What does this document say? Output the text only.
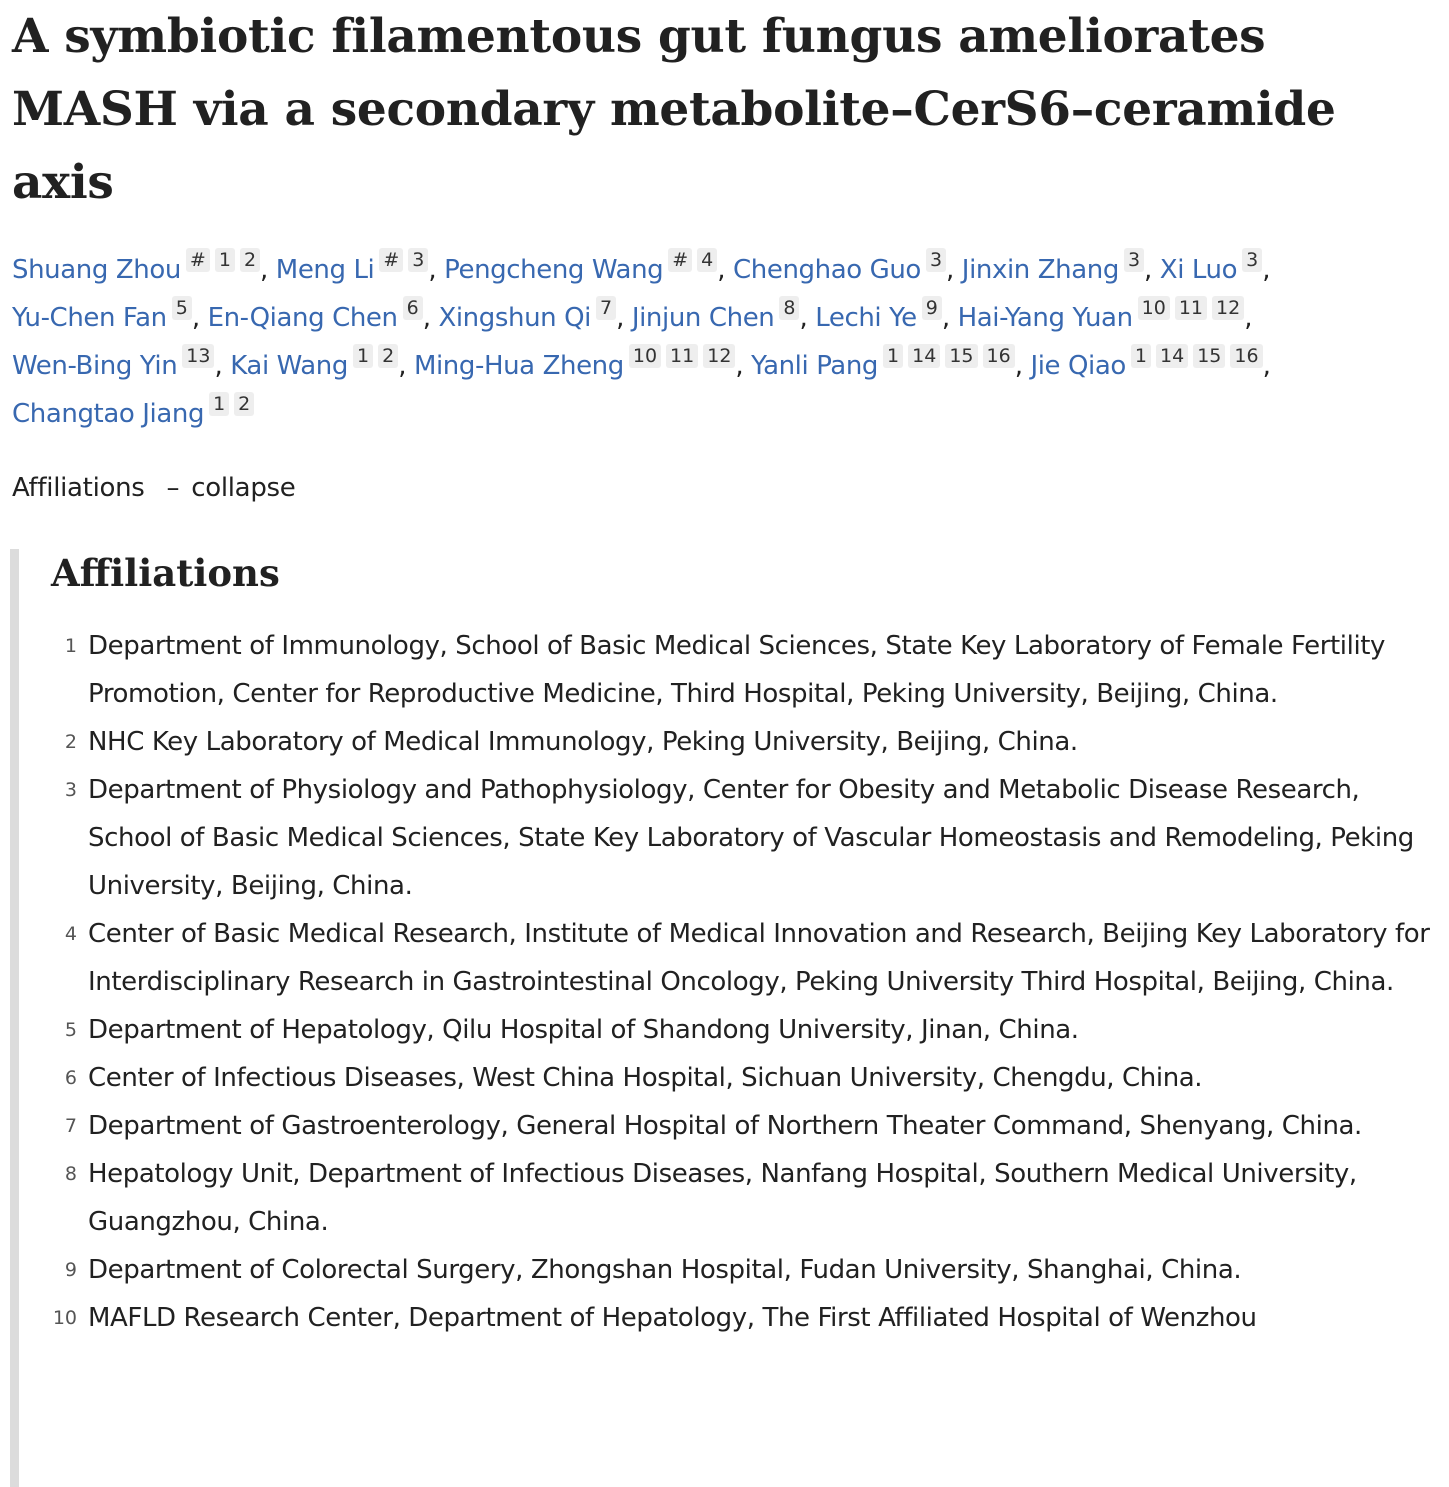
A symbiotic filamentous gut fungus ameliorates MASH via a secondary metabolite–CerS6–ceramide axis
Shuang Zhou # 1 2 , Meng Li # 3 , Pengcheng Wang # 4 , Chenghao Guo 3 , Jinxin Zhang 3 , Xi Luo 3 , Yu-Chen Fan 5 , En-Qiang Chen 6 , Xingshun Qi 7 , Jinjun Chen 8 , Lechi Ye 9 , Hai-Yang Yuan 10 11 12 , Wen-Bing Yin 13 , Kai Wang 1 2 , Ming-Hua Zheng 10 11 12 , Yanli Pang 1 14 15 16 , Jie Qiao 1 14 15 16 , Changtao Jiang 1 2
Affiliations – collapse
Affiliations
1 Department of Immunology, School of Basic Medical Sciences, State Key Laboratory of Female Fertility Promotion, Center for Reproductive Medicine, Third Hospital, Peking University, Beijing, China.
2 NHC Key Laboratory of Medical Immunology, Peking University, Beijing, China.
3 Department of Physiology and Pathophysiology, Center for Obesity and Metabolic Disease Research, School of Basic Medical Sciences, State Key Laboratory of Vascular Homeostasis and Remodeling, Peking University, Beijing, China.
4 Center of Basic Medical Research, Institute of Medical Innovation and Research, Beijing Key Laboratory for Interdisciplinary Research in Gastrointestinal Oncology, Peking University Third Hospital, Beijing, China.
5 Department of Hepatology, Qilu Hospital of Shandong University, Jinan, China.
6 Center of Infectious Diseases, West China Hospital, Sichuan University, Chengdu, China.
7 Department of Gastroenterology, General Hospital of Northern Theater Command, Shenyang, China.
8 Hepatology Unit, Department of Infectious Diseases, Nanfang Hospital, Southern Medical University, Guangzhou, China.
9 Department of Colorectal Surgery, Zhongshan Hospital, Fudan University, Shanghai, China.
10 MAFLD Research Center, Department of Hepatology, The First Affiliated Hospital of Wenzhou
